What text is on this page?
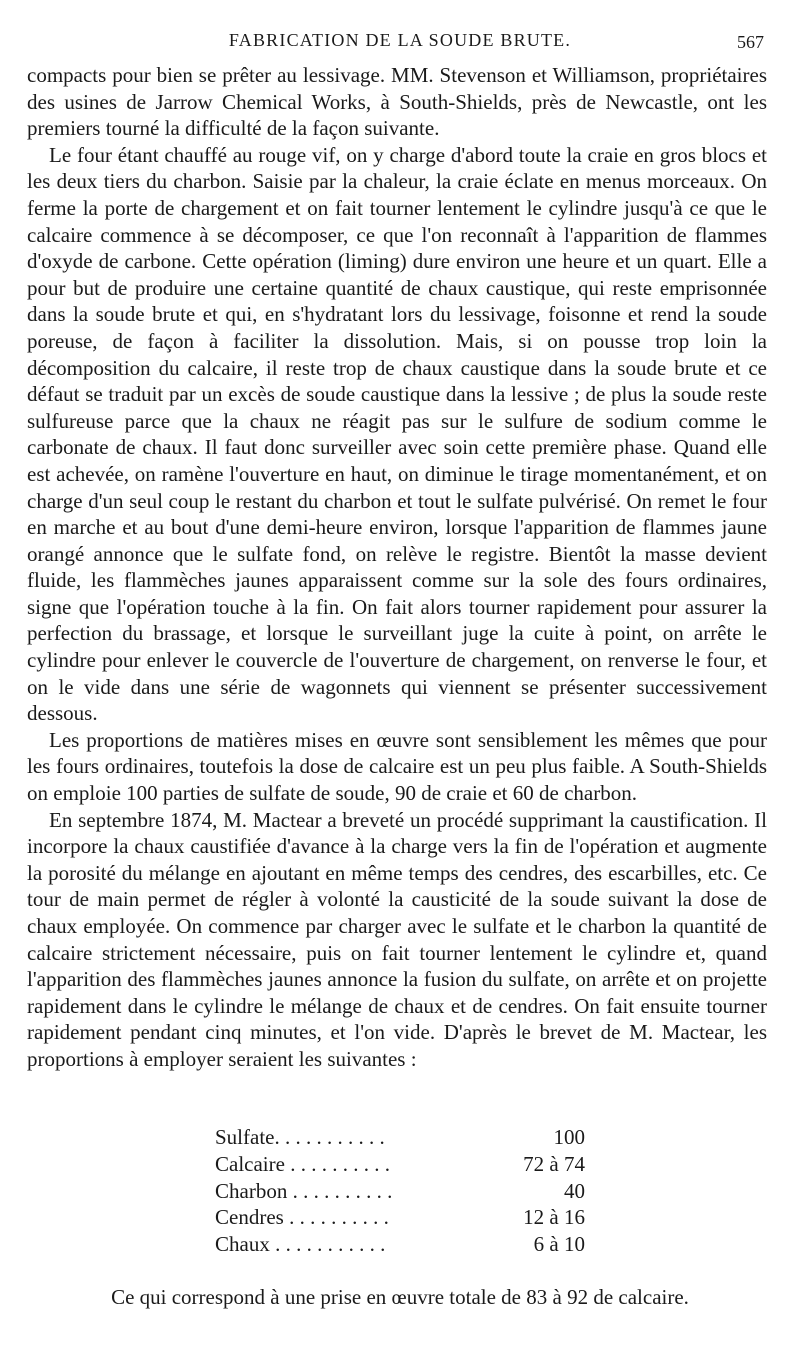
FABRICATION DE LA SOUDE BRUTE.	567

compacts pour bien se prêter au lessivage. MM. Stevenson et Williamson, propriétaires des usines de Jarrow Chemical Works, à South-Shields, près de Newcastle, ont les premiers tourné la difficulté de la façon suivante.

Le four étant chauffé au rouge vif, on y charge d'abord toute la craie en gros blocs et les deux tiers du charbon. Saisie par la chaleur, la craie éclate en menus morceaux. On ferme la porte de chargement et on fait tourner lentement le cylindre jusqu'à ce que le calcaire commence à se décomposer, ce que l'on reconnaît à l'apparition de flammes d'oxyde de carbone. Cette opération (liming) dure environ une heure et un quart. Elle a pour but de produire une certaine quantité de chaux caustique, qui reste emprisonnée dans la soude brute et qui, en s'hydratant lors du lessivage, foisonne et rend la soude poreuse, de façon à faciliter la dissolution. Mais, si on pousse trop loin la décomposition du calcaire, il reste trop de chaux caustique dans la soude brute et ce défaut se traduit par un excès de soude caustique dans la lessive ; de plus la soude reste sulfureuse parce que la chaux ne réagit pas sur le sulfure de sodium comme le carbonate de chaux. Il faut donc surveiller avec soin cette première phase. Quand elle est achevée, on ramène l'ouverture en haut, on diminue le tirage momentanément, et on charge d'un seul coup le restant du charbon et tout le sulfate pulvérisé. On remet le four en marche et au bout d'une demi-heure environ, lorsque l'apparition de flammes jaune orangé annonce que le sulfate fond, on relève le registre. Bientôt la masse devient fluide, les flammèches jaunes apparaissent comme sur la sole des fours ordinaires, signe que l'opération touche à la fin. On fait alors tourner rapidement pour assurer la perfection du brassage, et lorsque le surveillant juge la cuite à point, on arrête le cylindre pour enlever le couvercle de l'ouverture de chargement, on renverse le four, et on le vide dans une série de wagonnets qui viennent se présenter successivement dessous.

Les proportions de matières mises en œuvre sont sensiblement les mêmes que pour les fours ordinaires, toutefois la dose de calcaire est un peu plus faible. A South-Shields on emploie 100 parties de sulfate de soude, 90 de craie et 60 de charbon.

En septembre 1874, M. Mactear a breveté un procédé supprimant la caustification. Il incorpore la chaux caustifiée d'avance à la charge vers la fin de l'opération et augmente la porosité du mélange en ajoutant en même temps des cendres, des escarbilles, etc. Ce tour de main permet de régler à volonté la causticité de la soude suivant la dose de chaux employée. On commence par charger avec le sulfate et le charbon la quantité de calcaire strictement nécessaire, puis on fait tourner lentement le cylindre et, quand l'apparition des flammèches jaunes annonce la fusion du sulfate, on arrête et on projette rapidement dans le cylindre le mélange de chaux et de cendres. On fait ensuite tourner rapidement pendant cinq minutes, et l'on vide. D'après le brevet de M. Mactear, les proportions à employer seraient les suivantes :

Sulfate. . . . . . . . . . .	100
Calcaire . . . . . . . . . .	72 à 74
Charbon . . . . . . . . . .	40
Cendres . . . . . . . . . .	12 à 16
Chaux . . . . . . . . . . .	6 à 10
Ce qui correspond à une prise en œuvre totale de 83 à 92 de calcaire.
